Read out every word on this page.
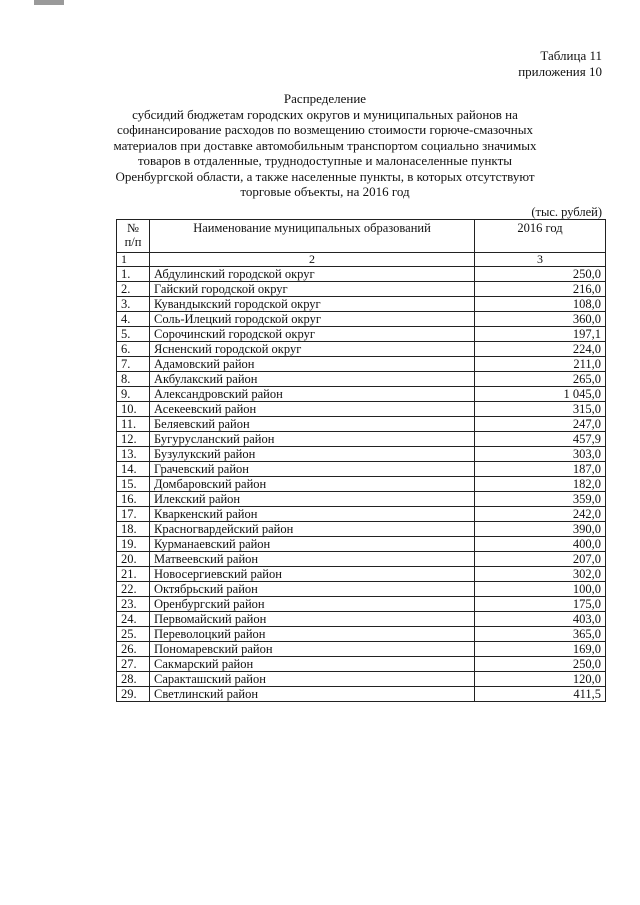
Таблица 11
приложения 10
Распределение
субсидий бюджетам городских округов и муниципальных районов на
софинансирование расходов по возмещению стоимости горюче-смазочных
материалов при доставке автомобильным транспортом социально значимых
товаров в отдаленные, труднодоступные и малонаселенные пункты
Оренбургской области, а также населенные пункты, в которых отсутствуют
торговые объекты, на 2016 год
(тыс. рублей)
№
п/п	Наименование муниципальных образований	2016 год
1	2	3
1.	Абдулинский городской округ	250,0
2.	Гайский городской округ	216,0
3.	Кувандыкский городской округ	108,0
4.	Соль-Илецкий городской округ	360,0
5.	Сорочинский городской округ	197,1
6.	Ясненский городской округ	224,0
7.	Адамовский район	211,0
8.	Акбулакский район	265,0
9.	Александровский район	1 045,0
10.	Асекеевский район	315,0
11.	Беляевский район	247,0
12.	Бугурусланский район	457,9
13.	Бузулукский район	303,0
14.	Грачевский район	187,0
15.	Домбаровский район	182,0
16.	Илекский район	359,0
17.	Кваркенский район	242,0
18.	Красногвардейский район	390,0
19.	Курманаевский район	400,0
20.	Матвеевский район	207,0
21.	Новосергиевский район	302,0
22.	Октябрьский район	100,0
23.	Оренбургский район	175,0
24.	Первомайский район	403,0
25.	Переволоцкий район	365,0
26.	Пономаревский район	169,0
27.	Сакмарский район	250,0
28.	Саракташский район	120,0
29.	Светлинский район	411,5
